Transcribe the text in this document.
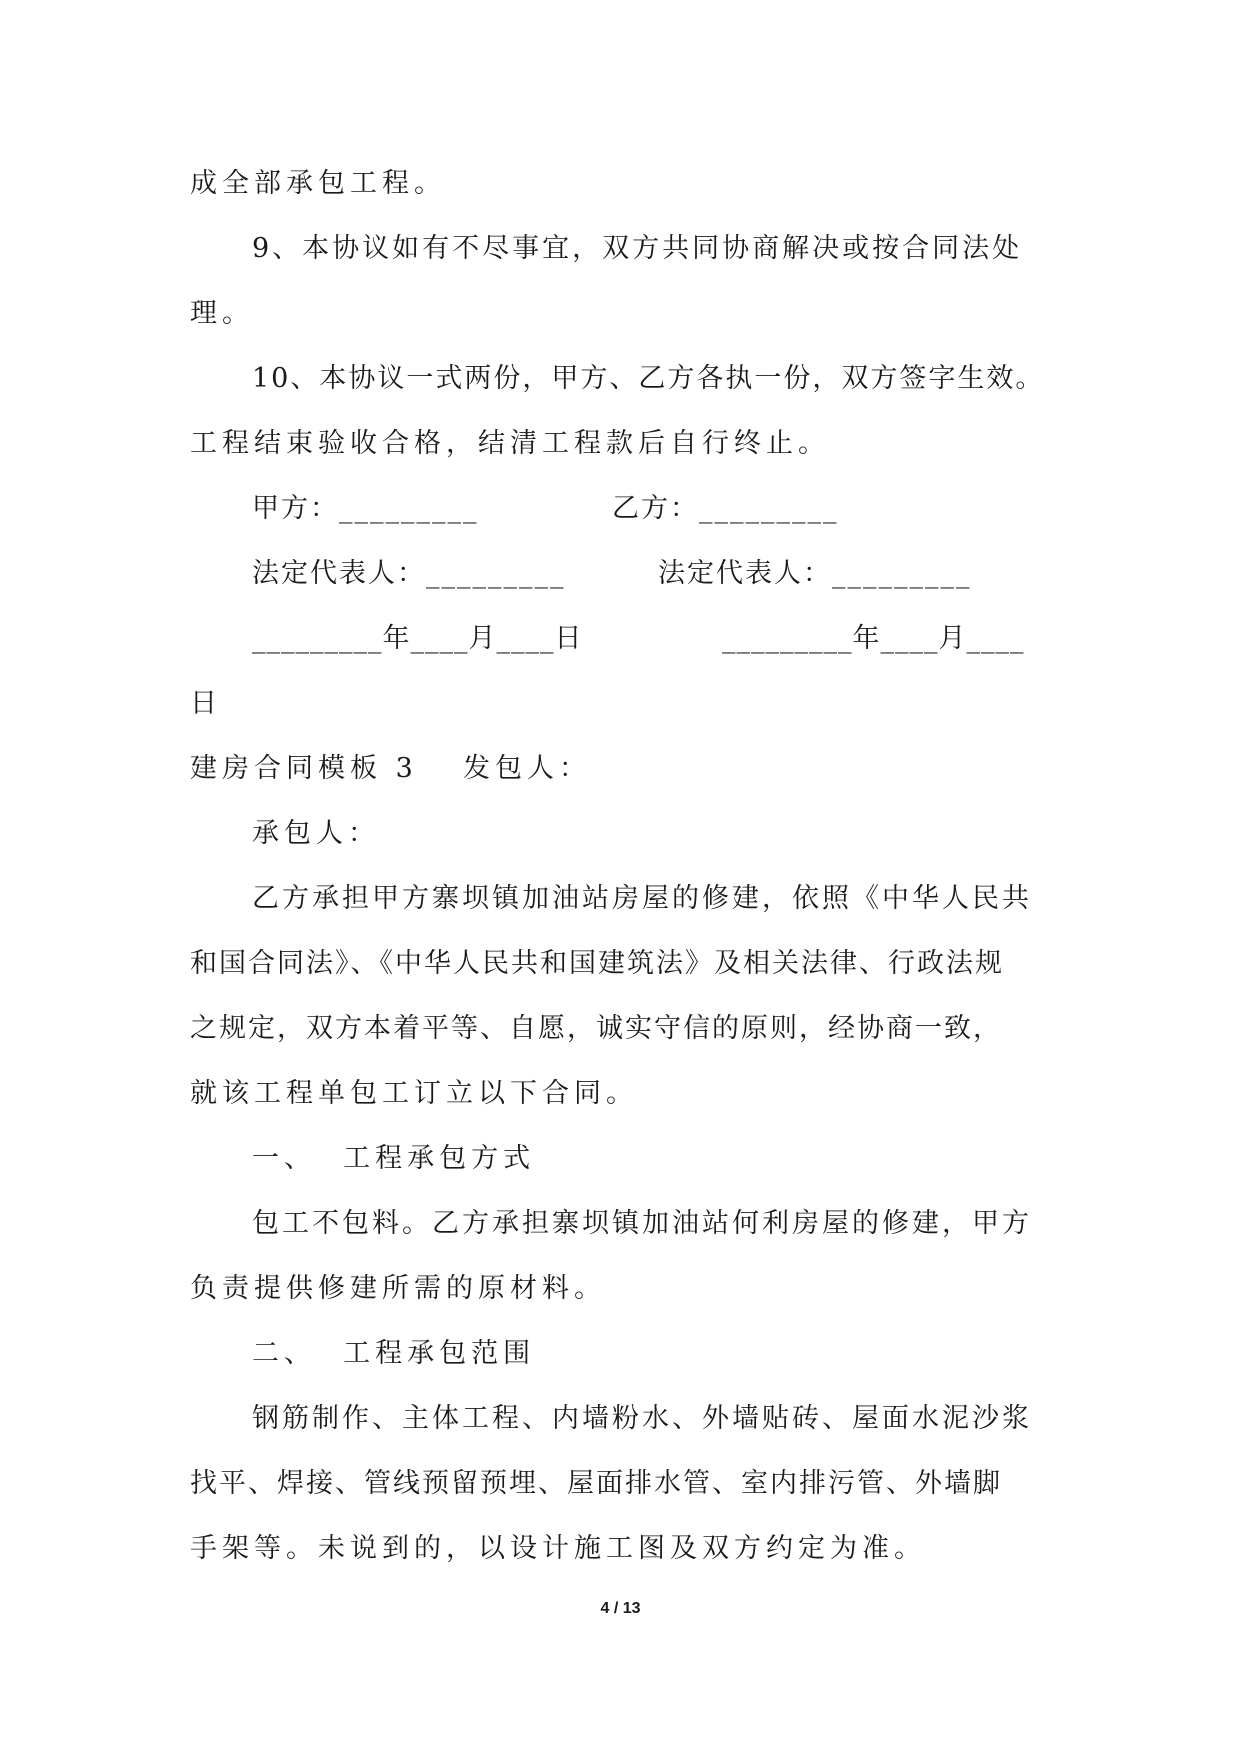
成全部承包工程。
9、本协议如有不尽事宜，双方共同协商解决或按合同法处
理。
10、本协议一式两份，甲方、乙方各执一份，双方签字生效。
工程结束验收合格，结清工程款后自行终止。
甲方：_________	乙方：_________
法定代表人：_________	法定代表人：_________
_________年____月____日	_________年____月____
日
建房合同模板 3 发包人：
承包人：
乙方承担甲方寨坝镇加油站房屋的修建，依照《中华人民共
和国合同法》、《中华人民共和国建筑法》及相关法律、行政法规
之规定，双方本着平等、自愿，诚实守信的原则，经协商一致，
就该工程单包工订立以下合同。
一、  工程承包方式
包工不包料。乙方承担寨坝镇加油站何利房屋的修建，甲方
负责提供修建所需的原材料。
二、  工程承包范围
钢筋制作、主体工程、内墙粉水、外墙贴砖、屋面水泥沙浆
找平、焊接、管线预留预埋、屋面排水管、室内排污管、外墙脚
手架等。未说到的，以设计施工图及双方约定为准。
4 / 13
